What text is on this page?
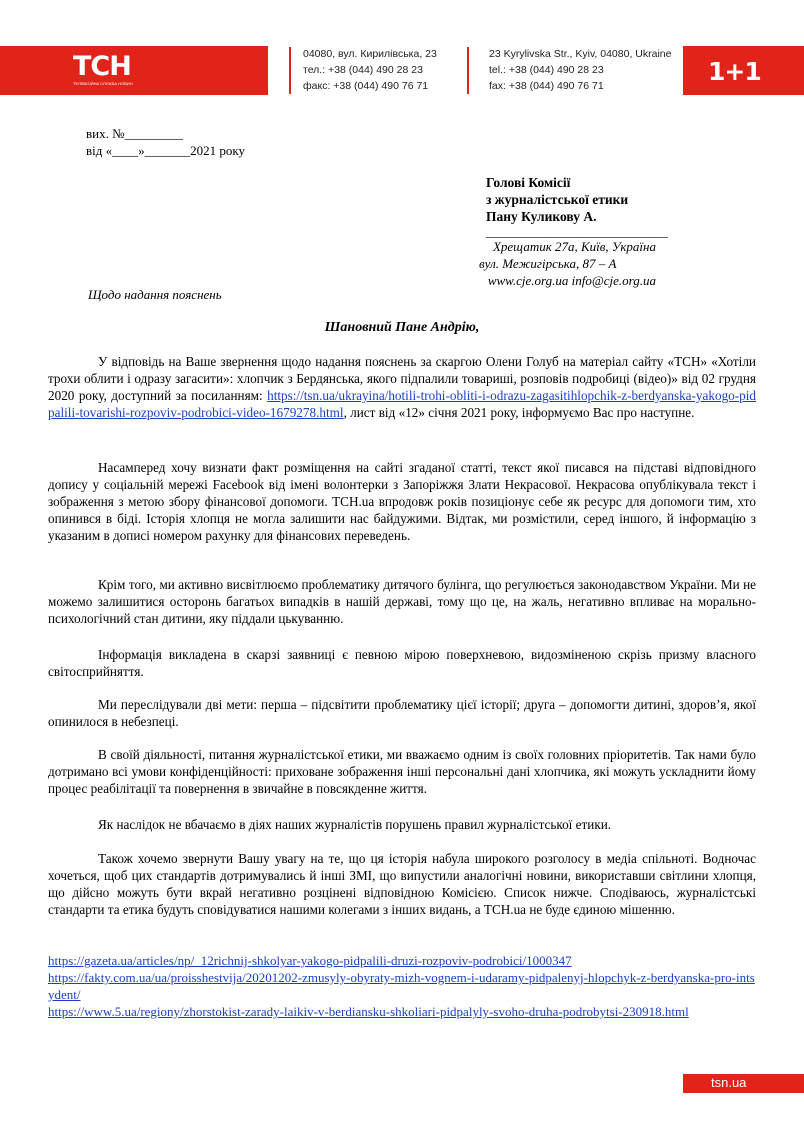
ТСН
ТЕЛЕВІЗІЙНА СЛУЖБА НОВИН
04080, вул. Кирилівська, 23
тел.: +38 (044) 490 28 23
факс: +38 (044) 490 76 71
23 Kyrylivska Str., Kyiv, 04080, Ukraine
tel.: +38 (044) 490 28 23
fax: +38 (044) 490 76 71	1+1
вих. №_________
від «____»_______2021 року
Голові Комісії
з журналістської етики
Пану Куликову А.
____________________________
Хрещатик 27а, Київ, Україна
вул. Межигірська, 87 – А
www.cje.org.ua info@cje.org.ua
Щодо надання пояснень
Шановний Пане Андрію,
У відповідь на Ваше звернення щодо надання пояснень за скаргою Олени Голуб на матеріал сайту «ТСН» «Хотіли трохи облити і одразу загасити»: хлопчик з Бердянська, якого підпалили товариші, розповів подробиці (відео)» від 02 грудня 2020 року, доступний за посиланням: https://tsn.ua/ukrayina/hotili-trohi-obliti-i-odrazu-zagasitihlopchik-z-berdyanska-yakogo-pidpalili-tovarishi-rozpoviv-podrobici-video-1679278.html, лист від «12» січня 2021 року, інформуємо Вас про наступне.
Насамперед хочу визнати факт розміщення на сайті згаданої статті, текст якої писався на підставі відповідного допису у соціальній мережі Facebook від імені волонтерки з Запоріжжя Злати Некрасової. Некрасова опублікувала текст і зображення з метою збору фінансової допомоги. ТСН.ua впродовж років позиціонує себе як ресурс для допомоги тим, хто опинився в біді. Історія хлопця не могла залишити нас байдужими. Відтак, ми розмістили, серед іншого, й інформацію з указаним в дописі номером рахунку для фінансових переведень.
Крім того, ми активно висвітлюємо проблематику дитячого булінга, що регулюється законодавством України. Ми не можемо залишитися осторонь багатьох випадків в нашій державі, тому що це, на жаль, негативно впливає на морально-психологічний стан дитини, яку піддали цькуванню.
Інформація викладена в скарзі заявниці є певною мірою поверхневою, видозміненою скрізь призму власного світосприйняття.
Ми переслідували дві мети: перша – підсвітити проблематику цієї історії; друга – допомогти дитині, здоров’я, якої опинилося в небезпеці.
В своїй діяльності, питання журналістської етики, ми вважаємо одним із своїх головних пріоритетів. Так нами було дотримано всі умови конфіденційності: приховане зображення інші персональні дані хлопчика, які можуть ускладнити йому процес реабілітації та повернення в звичайне в повсякденне життя.
Як наслідок не вбачаємо в діях наших журналістів порушень правил журналістської етики.
Також хочемо звернути Вашу увагу на те, що ця історія набула широкого розголосу в медіа спільноті. Водночас хочеться, щоб цих стандартів дотримувались й інші ЗМІ, що випустили аналогічні новини, використавши світлини хлопця, що дійсно можуть бути вкрай негативно розцінені відповідною Комісією. Список нижче. Сподіваюсь, журналістські стандарти та етика будуть сповідуватися нашими колегами з інших видань, а ТСН.ua не буде єдиною мішенню.
https://gazeta.ua/articles/np/_12richnij-shkolyar-yakogo-pidpalili-druzi-rozpoviv-podrobici/1000347
https://fakty.com.ua/ua/proisshestvija/20201202-zmusyly-obyraty-mizh-vognem-i-udaramy-pidpalenyj-hlopchyk-z-berdyanska-pro-intsydent/
https://www.5.ua/regiony/zhorstokist-zarady-laikiv-v-berdiansku-shkoliari-pidpalyly-svoho-druha-podrobytsi-230918.html
tsn.ua
